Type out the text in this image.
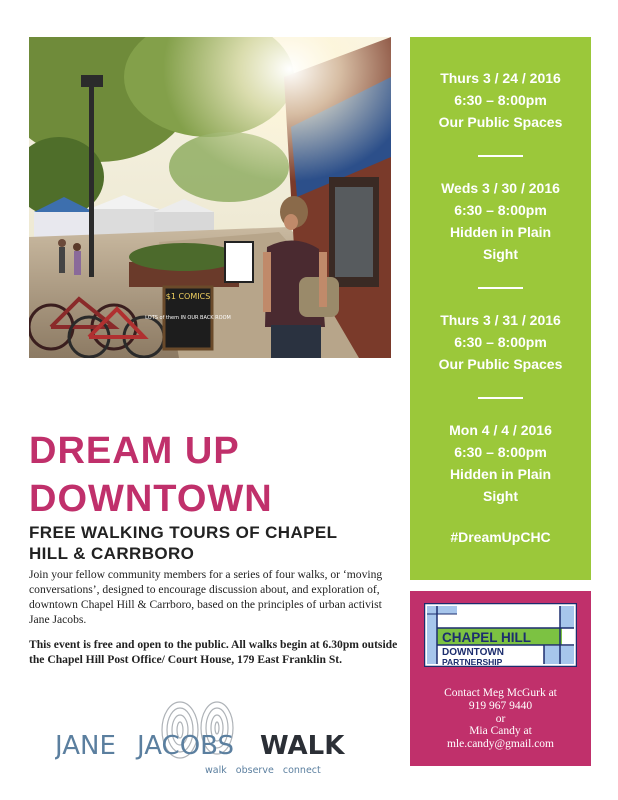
Thurs 3 / 24 / 2016
6:30 – 8:00pm
Our Public Spaces
Weds 3 / 30 / 2016
6:30 – 8:00pm
Hidden in Plain
Sight
Thurs 3 / 31 / 2016
6:30 – 8:00pm
Our Public Spaces
Mon 4 / 4 / 2016
6:30 – 8:00pm
Hidden in Plain
Sight
#DreamUpCHC
DREAM UP
DOWNTOWN
FREE WALKING TOURS OF CHAPEL
HILL & CARRBORO

Join your fellow community members for a series of four walks, or ‘moving conversations’, designed to encourage discussion about, and exploration of, downtown Chapel Hill & Carrboro, based on the principles of urban activist Jane Jacobs.

This event is free and open to the public. All walks begin at 6.30pm outside the Chapel Hill Post Office/ Court House, 179 East Franklin St.

JANE JACOBS WALK
walk   observe   connect
CHAPEL HILL
DOWNTOWN
PARTNERSHIP
Contact Meg McGurk at
919 967 9440
or
Mia Candy at
mle.candy@gmail.com
